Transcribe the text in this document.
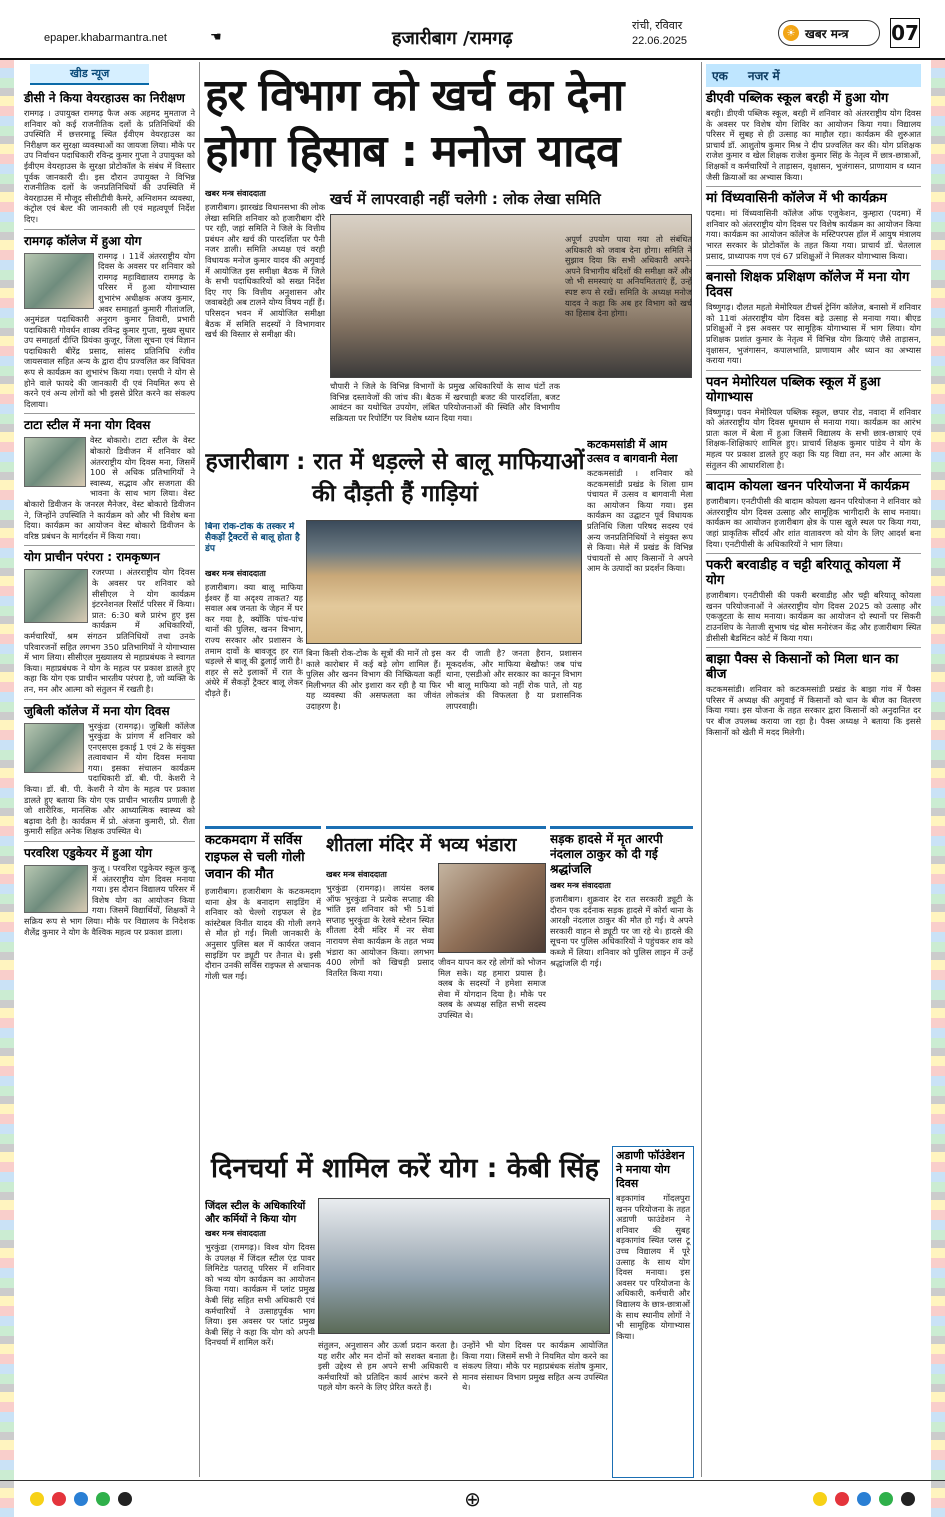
epaper.khabarmantra.net	☚	हजारीबाग /रामगढ़
रांची, रविवार
22.06.2025
☀ खबर मन्त्र 07
खीड न्यूज
डीसी ने किया वेयरहाउस का निरीक्षण
रामगढ़ । उपायुक्त रामगढ़ फैज अक अहमद मुमताज ने शनिवार को कई राजनीतिक दलों के प्रतिनिधियों की उपस्थिति में छत्तरमाडू स्थित ईवीएम वेयरहाउस का निरीक्षण कर सुरक्षा व्यवस्थाओं का जायजा लिया। मौके पर उप निर्वाचन पदाधिकारी रविन्द्र कुमार गुप्ता ने उपायुक्त को ईवीएम वेयरहाउस के सुरक्षा प्रोटोकॉल के संबंध में विस्तार पूर्वक जानकारी दी। इस दौरान उपायुक्त ने विभिन्न राजनीतिक दलों के जनप्रतिनिधियों की उपस्थिति में वेयरहाउस में मौजूद सीसीटीवी कैमरे, अग्निशमन व्यवस्था, कंट्रोल एवं बेल्ट की जानकारी ली एवं महत्वपूर्ण निर्देश दिए।
रामगढ़ कॉलेज में हुआ योग
रामगढ़ । 11वें अंतरराष्ट्रीय योग दिवस के अवसर पर शनिवार को रामगढ़ महाविद्यालय रामगढ़ के परिसर में हुआ योगाभ्यास शुभारंभ अधीक्षक अजय कुमार, अवर समाहर्ता कुमारी गीतांजलि, अनुमंडल पदाधिकारी अनुराग कुमार तिवारी, प्रभारी पदाधिकारी गोवर्धन शाक्य रविन्द्र कुमार गुप्ता, मुख्य सुधार उप समाहर्ता दीप्ति प्रियंका कुजूर, जिला सूचना एवं विज्ञान पदाधिकारी बीरेंद्र प्रसाद, सांसद प्रतिनिधि रंजीव जायसवाल सहित अन्य के द्वारा दीप प्रज्वलित कर विधिवत रूप से कार्यक्रम का शुभारंभ किया गया। एसपी ने योग से होने वाले फायदे की जानकारी दी एवं नियमित रूप से करने एवं अन्य लोगों को भी इससे प्रेरित करने का संकल्प दिलाया।
टाटा स्टील में मना योग दिवस
वेस्ट बोकारो। टाटा स्टील के वेस्ट बोकारो डिवीजन में शनिवार को अंतरराष्ट्रीय योग दिवस मना, जिसमें 100 से अधिक प्रतिभागियों ने स्वास्थ्य, सद्भाव और सजगता की भावना के साथ भाग लिया। वेस्ट बोकारो डिवीजन के जनरल मैनेजर, वेस्ट बोकारो डिवीजन ने, जिन्होंने उपस्थिति ने कार्यक्रम को और भी विशेष बना दिया। कार्यक्रम का आयोजन वेस्ट बोकारो डिवीजन के वरिष्ठ प्रबंधन के मार्गदर्शन में किया गया।
योग प्राचीन परंपरा : रामकृष्णन
रजरप्पा । अंतरराष्ट्रीय योग दिवस के अवसर पर शनिवार को सीसीएल ने योग कार्यक्रम इंटरनेशनल रिसॉर्ट परिसर में किया। प्रात: 6:30 बजे प्रारंभ हुए इस कार्यक्रम में अधिकारियों, कर्मचारियों, श्रम संगठन प्रतिनिधियों तथा उनके परिवारजनों सहित लगभग 350 प्रतिभागियों ने योगाभ्यास में भाग लिया। सीसीएल मुख्यालय से महाप्रबंधक ने स्वागत किया। महाप्रबंधक ने योग के महत्व पर प्रकाश डालते हुए कहा कि योग एक प्राचीन भारतीय परंपरा है, जो व्यक्ति के तन, मन और आत्मा को संतुलन में रखती है।
जुबिली कॉलेज में मना योग दिवस
भुरकुंडा (रामगढ़)। जुबिली कॉलेज भुरकुंडा के प्रांगण में शनिवार को एनएसएस इकाई 1 एवं 2 के संयुक्त तत्वावधान में योग दिवस मनाया गया। इसका संचालन कार्यक्रम पदाधिकारी डॉ. बी. पी. केशरी ने किया। डॉ. बी. पी. केशरी ने योग के महत्व पर प्रकाश डालते हुए बताया कि योग एक प्राचीन भारतीय प्रणाली है जो शारीरिक, मानसिक और आध्यात्मिक स्वास्थ्य को बढ़ावा देती है। कार्यक्रम में प्रो. अंजना कुमारी, प्रो. रीता कुमारी सहित अनेक शिक्षक उपस्थित थे।
परवरिश एडुकेयर में हुआ योग
कुजू । परवरिश एडुकेयर स्कूल कुजू में अंतरराष्ट्रीय योग दिवस मनाया गया। इस दौरान विद्यालय परिसर में विशेष योग का आयोजन किया गया। जिसमें विद्यार्थियों, शिक्षकों ने सक्रिय रूप से भाग लिया। मौके पर विद्यालय के निदेशक शैलेंद्र कुमार ने योग के वैश्विक महत्व पर प्रकाश डाला।
हर विभाग को खर्च का देना होगा हिसाब : मनोज यादव
खर्च में लापरवाही नहीं चलेगी : लोक लेखा समिति
खबर मन्त्र संवाददाता
हजारीबाग। झारखंड विधानसभा की लोक लेखा समिति शनिवार को हजारीबाग दौरे पर रही, जहां समिति ने जिले के वित्तीय प्रबंधन और खर्च की पारदर्शिता पर पैनी नजर डाली। समिति अध्यक्ष एवं वरही विधायक मनोज कुमार यादव की अगुवाई में आयोजित इस समीक्षा बैठक में जिले के सभी पदाधिकारियों को सख्त निर्देश दिए गए कि वित्तीय अनुशासन और जवाबदेही अब टालने योग्य विषय नहीं हैं। परिसदन भवन में आयोजित समीक्षा बैठक में समिति सदस्यों ने विभागवार खर्च की विस्तार से समीक्षा की।
चौपारी ने जिले के विभिन्न विभागों के प्रमुख अधिकारियों के साथ घंटों तक विभिन्न दस्तावेजों की जांच की। बैठक में खरचाही बजट की पारदर्शिता, बजट आवंटन का यथोचित उपयोग, लंबित परियोजनाओं की स्थिति और विभागीय सक्रियता पर रिपोर्टिंग पर विशेष ध्यान दिया गया।
अपूर्ण उपयोग पाया गया तो संबंधित अधिकारी को जवाब देना होगा। समिति ने सुझाव दिया कि सभी अधिकारी अपने-अपने विभागीय बंदिशों की समीक्षा करें और जो भी समस्याएं या अनियमितताएं हैं, उन्हें स्पष्ट रूप से रखें। समिति के अध्यक्ष मनोज यादव ने कहा कि अब हर विभाग को खर्च का हिसाब देना होगा।
हजारीबाग : रात में धड़ल्ले से बालू माफियाओं की दौड़ती हैं गाड़ियां
बिना रोक-टोक के तस्कर में सैकड़ों ट्रैक्टरों से बालू होता है डंप
खबर मन्त्र संवाददाता
हजारीबाग। क्या बालू माफिया ईश्वर हैं या अदृश्य ताकत? यह सवाल अब जनता के जेहन में घर कर गया है, क्योंकि पांच-पांच थानों की पुलिस, खनन विभाग, राज्य सरकार और प्रशासन के तमाम दावों के बावजूद हर रात धड़ल्ले से बालू की ढुलाई जारी है। शहर से सटे इलाकों में रात के अंधेरे में सैकड़ों ट्रैक्टर बालू लेकर दौड़ते हैं।
बिना किसी रोक-टोक के सूत्रों की मानें तो इस काले कारोबार में कई बड़े लोग शामिल हैं। पुलिस और खनन विभाग की निष्क्रियता कहीं मिलीभगत की ओर इशारा कर रही है या फिर यह व्यवस्था की असफलता का जीवंत उदाहरण है।
कर दी जाती है? जनता हैरान, प्रशासन मूकदर्शक, और माफिया बेखौफ! जब पांच थाना, एसडीओ और सरकार का कानून विभाग भी बालू माफिया को नहीं रोक पाते, तो यह लोकतंत्र की विफलता है या प्रशासनिक लापरवाही।
कटकमसांडी में आम उत्सव व बागवानी मेला
कटकमसांडी । शनिवार को कटकमसांडी प्रखंड के शिला ग्राम पंचायत में उत्सव व बागवानी मेला का आयोजन किया गया। इस कार्यक्रम का उद्घाटन पूर्व विधायक प्रतिनिधि जिला परिषद सदस्य एवं अन्य जनप्रतिनिधियों ने संयुक्त रूप से किया। मेले में प्रखंड के विभिन्न पंचायतों से आए किसानों ने अपने आम के उत्पादों का प्रदर्शन किया।
कटकमदाग में सर्विस राइफल से चली गोली जवान की मौत
हजारीबाग। हजारीबाग के कटकमदाग थाना क्षेत्र के बनादाग साइडिंग में शनिवार को चेल्लो राइफल से हेड कांस्टेबल विनीत यादव की गोली लगने से मौत हो गई। मिली जानकारी के अनुसार पुलिस बल में कार्यरत जवान साइडिंग पर ड्यूटी पर तैनात थे। इसी दौरान उनकी सर्विस राइफल से अचानक गोली चल गई।
शीतला मंदिर में भव्य भंडारा
खबर मन्त्र संवाददाता
भुरकुंडा (रामगढ़)। लायंस क्लब ऑफ भुरकुंडा ने प्रत्येक सप्ताह की भांति इस शनिवार को भी 51वां सप्ताह भुरकुंडा के रेलवे स्टेशन स्थित शीतला देवी मंदिर में नर सेवा नारायण सेवा कार्यक्रम के तहत भव्य भंडारा का आयोजन किया। लगभग 400 लोगों को खिचड़ी प्रसाद वितरित किया गया।
जीवन यापन कर रहे लोगों को भोजन मिल सके। यह हमारा प्रयास है। क्लब के सदस्यों ने हमेशा समाज सेवा में योगदान दिया है। मौके पर क्लब के अध्यक्ष सहित सभी सदस्य उपस्थित थे।
सड़क हादसे में मृत आरपी नंदलाल ठाकुर को दी गई श्रद्धांजलि
खबर मन्त्र संवाददाता
हजारीबाग। शुक्रवार देर रात सरकारी ड्यूटी के दौरान एक दर्दनाक सड़क हादसे में कोर्रा थाना के आरक्षी नंदलाल ठाकुर की मौत हो गई। वे अपने सरकारी वाहन से ड्यूटी पर जा रहे थे। हादसे की सूचना पर पुलिस अधिकारियों ने पहुंचकर शव को कब्जे में लिया। शनिवार को पुलिस लाइन में उन्हें श्रद्धांजलि दी गई।
दिनचर्या में शामिल करें योग : केबी सिंह
जिंदल स्टील के अधिकारियों और कर्मियों ने किया योग
खबर मन्त्र संवाददाता
भुरकुंडा (रामगढ़)। विश्व योग दिवस के उपलक्ष में जिंदल स्टील एंड पावर लिमिटेड पतरातू परिसर में शनिवार को भव्य योग कार्यक्रम का आयोजन किया गया। कार्यक्रम में प्लांट प्रमुख केबी सिंह सहित सभी अधिकारी एवं कर्मचारियों ने उत्साहपूर्वक भाग लिया। इस अवसर पर प्लांट प्रमुख केबी सिंह ने कहा कि योग को अपनी दिनचर्या में शामिल करें।	संतुलन, अनुशासन और ऊर्जा प्रदान करता है। यह शरीर और मन दोनों को सशक्त बनाता है। इसी उद्देश्य से हम अपने सभी अधिकारी व कर्मचारियों को प्रतिदिन कार्य आरंभ करने से पहले योग करने के लिए प्रेरित करते हैं।
उन्होंने भी योग दिवस पर कार्यक्रम आयोजित किया गया। जिसमें सभी ने नियमित योग करने का संकल्प लिया। मौके पर महाप्रबंधक संतोष कुमार, मानव संसाधन विभाग प्रमुख सहित अन्य उपस्थित थे।
अडाणी फॉउंडेशन ने मनाया योग दिवस
बड़कागांव गोंदलपुरा खनन परियोजना के तहत अडाणी फाउंडेशन ने शनिवार की सुबह बड़कागांव स्थित प्लस टू उच्च विद्यालय में पूरे उत्साह के साथ योग दिवस मनाया। इस अवसर पर परियोजना के अधिकारी, कर्मचारी और विद्यालय के छात्र-छात्राओं के साथ स्थानीय लोगों ने भी सामूहिक योगाभ्यास किया।
एक नजर में
डीएवी पब्लिक स्कूल बरही में हुआ योग
बरही। डीएवी पब्लिक स्कूल, बरही में शनिवार को अंतरराष्ट्रीय योग दिवस के अवसर पर विशेष योग शिविर का आयोजन किया गया। विद्यालय परिसर में सुबह से ही उत्साह का माहौल रहा। कार्यक्रम की शुरुआत प्राचार्य डॉ. आशुतोष कुमार मिश्र ने दीप प्रज्वलित कर की। योग प्रशिक्षक राजेश कुमार व खेल शिक्षक राजेश कुमार सिंह के नेतृत्व में छात्र-छात्राओं, शिक्षकों व कर्मचारियों ने ताड़ासन, वृक्षासन, भुजंगासन, प्राणायाम व ध्यान जैसी क्रियाओं का अभ्यास किया।
मां विंध्यवासिनी कॉलेज में भी कार्यक्रम
पदमा। मां विंध्यवासिनी कॉलेज ऑफ एजुकेशन, कुम्हारा (पदमा) में शनिवार को अंतरराष्ट्रीय योग दिवस पर विशेष कार्यक्रम का आयोजन किया गया। कार्यक्रम का आयोजन कॉलेज के मस्टिपरपस हॉल में आयुष मंत्रालय भारत सरकार के प्रोटोकॉल के तहत किया गया। प्राचार्य डॉ. चेतलाल प्रसाद, प्राध्यापक गण एवं 67 प्रशिक्षुओं ने मिलकर योगाभ्यास किया।
बनासो शिक्षक प्रशिक्षण कॉलेज में मना योग दिवस
विष्णुगढ़। दौलत महतो मेमोरियल टीचर्स ट्रेनिंग कॉलेज, बनासो में शनिवार को 11वां अंतरराष्ट्रीय योग दिवस बड़े उत्साह से मनाया गया। बीएड प्रशिक्षुओं ने इस अवसर पर सामूहिक योगाभ्यास में भाग लिया। योग प्रशिक्षक प्रशांत कुमार के नेतृत्व में विभिन्न योग क्रियाएं जैसे ताड़ासन, वृक्षासन, भुजंगासन, कपालभाति, प्राणायाम और ध्यान का अभ्यास कराया गया।
पवन मेमोरियल पब्लिक स्कूल में हुआ योगाभ्यास
विष्णुगढ़। पवन मेमोरियल पब्लिक स्कूल, छपार रोड, नवादा में शनिवार को अंतरराष्ट्रीय योग दिवस धूमधाम से मनाया गया। कार्यक्रम का आरंभ प्रातः काल में बेला में हुआ जिसमें विद्यालय के सभी छात्र-छात्राएं एवं शिक्षक-शिक्षिकाएं शामिल हुए। प्राचार्य शिक्षक कुमार पांडेय ने योग के महत्व पर प्रकाश डालते हुए कहा कि यह विद्या तन, मन और आत्मा के संतुलन की आधारशिला है।
बादाम कोयला खनन परियोजना में कार्यक्रम
हजारीबाग। एनटीपीसी की बादाम कोयला खनन परियोजना ने शनिवार को अंतरराष्ट्रीय योग दिवस उत्साह और सामूहिक भागीदारी के साथ मनाया। कार्यक्रम का आयोजन हजारीबाग क्षेत्र के पास खुले स्थल पर किया गया, जहां प्राकृतिक सौंदर्य और शांत वातावरण को योग के लिए आदर्श बना दिया। एनटीपीसी के अधिकारियों ने भाग लिया।
पकरी बरवाडीह व चट्टी बरियातू कोयला में योग
हजारीबाग। एनटीपीसी की पकरी बरवाडीह और चट्टी बरियातू कोयला खनन परियोजनाओं ने अंतरराष्ट्रीय योग दिवस 2025 को उत्साह और एकजुटता के साथ मनाया। कार्यक्रम का आयोजन दो स्थानों पर सिकरी टाउनशिप के नेताजी सुभाष चंद्र बोस मनोरंजन केंद्र और हजारीबाग स्थित डीसीसी बैडमिंटन कोर्ट में किया गया।
बाझा पैक्स से किसानों को मिला धान का बीज
कटकमसांडी। शनिवार को कटकमसांडी प्रखंड के बाझा गांव में पैक्स परिसर में अध्यक्ष की अगुवाई में किसानों को धान के बीज का वितरण किया गया। इस योजना के तहत सरकार द्वारा किसानों को अनुदानित दर पर बीज उपलब्ध कराया जा रहा है। पैक्स अध्यक्ष ने बताया कि इससे किसानों को खेती में मदद मिलेगी।
⊕
